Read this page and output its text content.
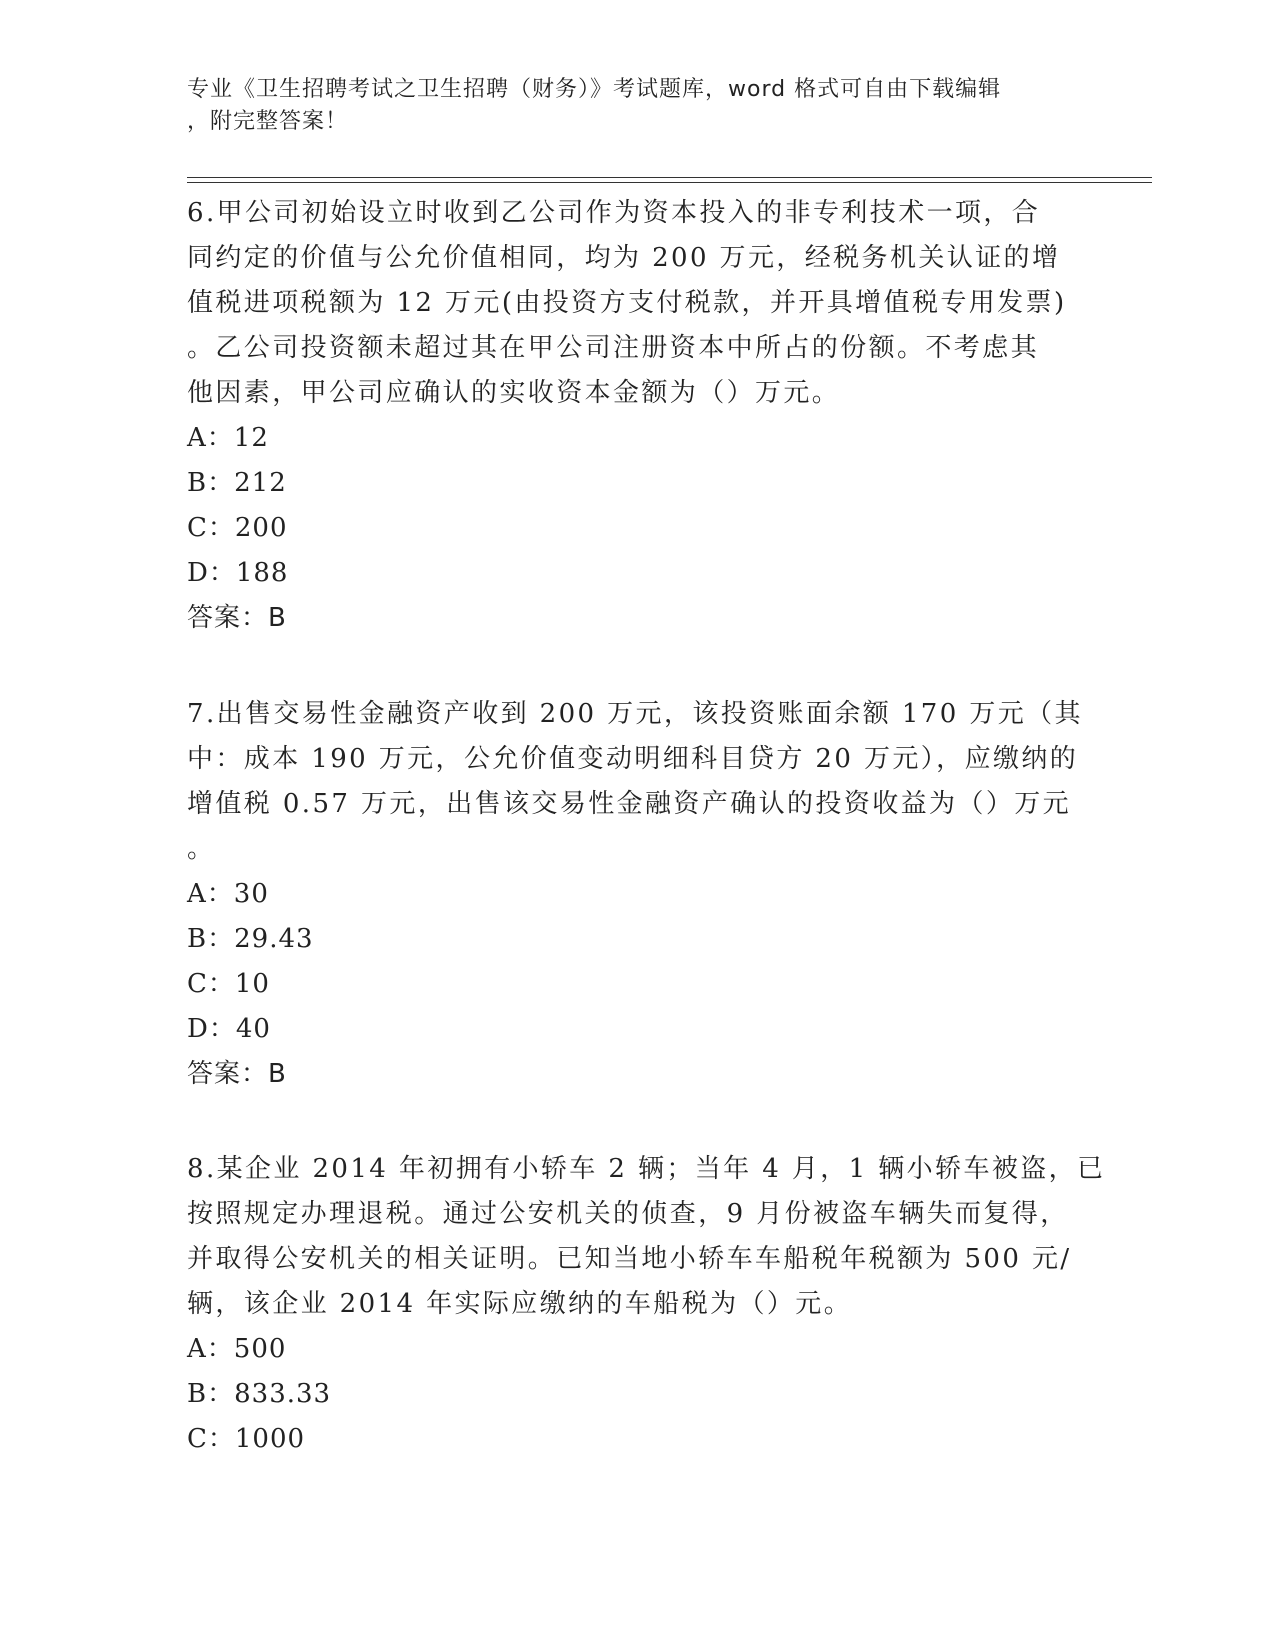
专业《卫生招聘考试之卫生招聘（财务）》考试题库，word 格式可自由下载编辑
，附完整答案！
6.甲公司初始设立时收到乙公司作为资本投入的非专利技术一项，合
同约定的价值与公允价值相同，均为 200 万元，经税务机关认证的增
值税进项税额为 12 万元(由投资方支付税款，并开具增值税专用发票)
。乙公司投资额未超过其在甲公司注册资本中所占的份额。不考虑其
他因素，甲公司应确认的实收资本金额为（）万元。
A：12
B：212
C：200
D：188
答案：B
7.出售交易性金融资产收到 200 万元，该投资账面余额 170 万元（其
中：成本 190 万元，公允价值变动明细科目贷方 20 万元），应缴纳的
增值税 0.57 万元，出售该交易性金融资产确认的投资收益为（）万元
。
A：30
B：29.43
C：10
D：40
答案：B
8.某企业 2014 年初拥有小轿车 2 辆；当年 4 月，1 辆小轿车被盗，已
按照规定办理退税。通过公安机关的侦查，9 月份被盗车辆失而复得，
并取得公安机关的相关证明。已知当地小轿车车船税年税额为 500 元/
辆，该企业 2014 年实际应缴纳的车船税为（）元。
A：500
B：833.33
C：1000
